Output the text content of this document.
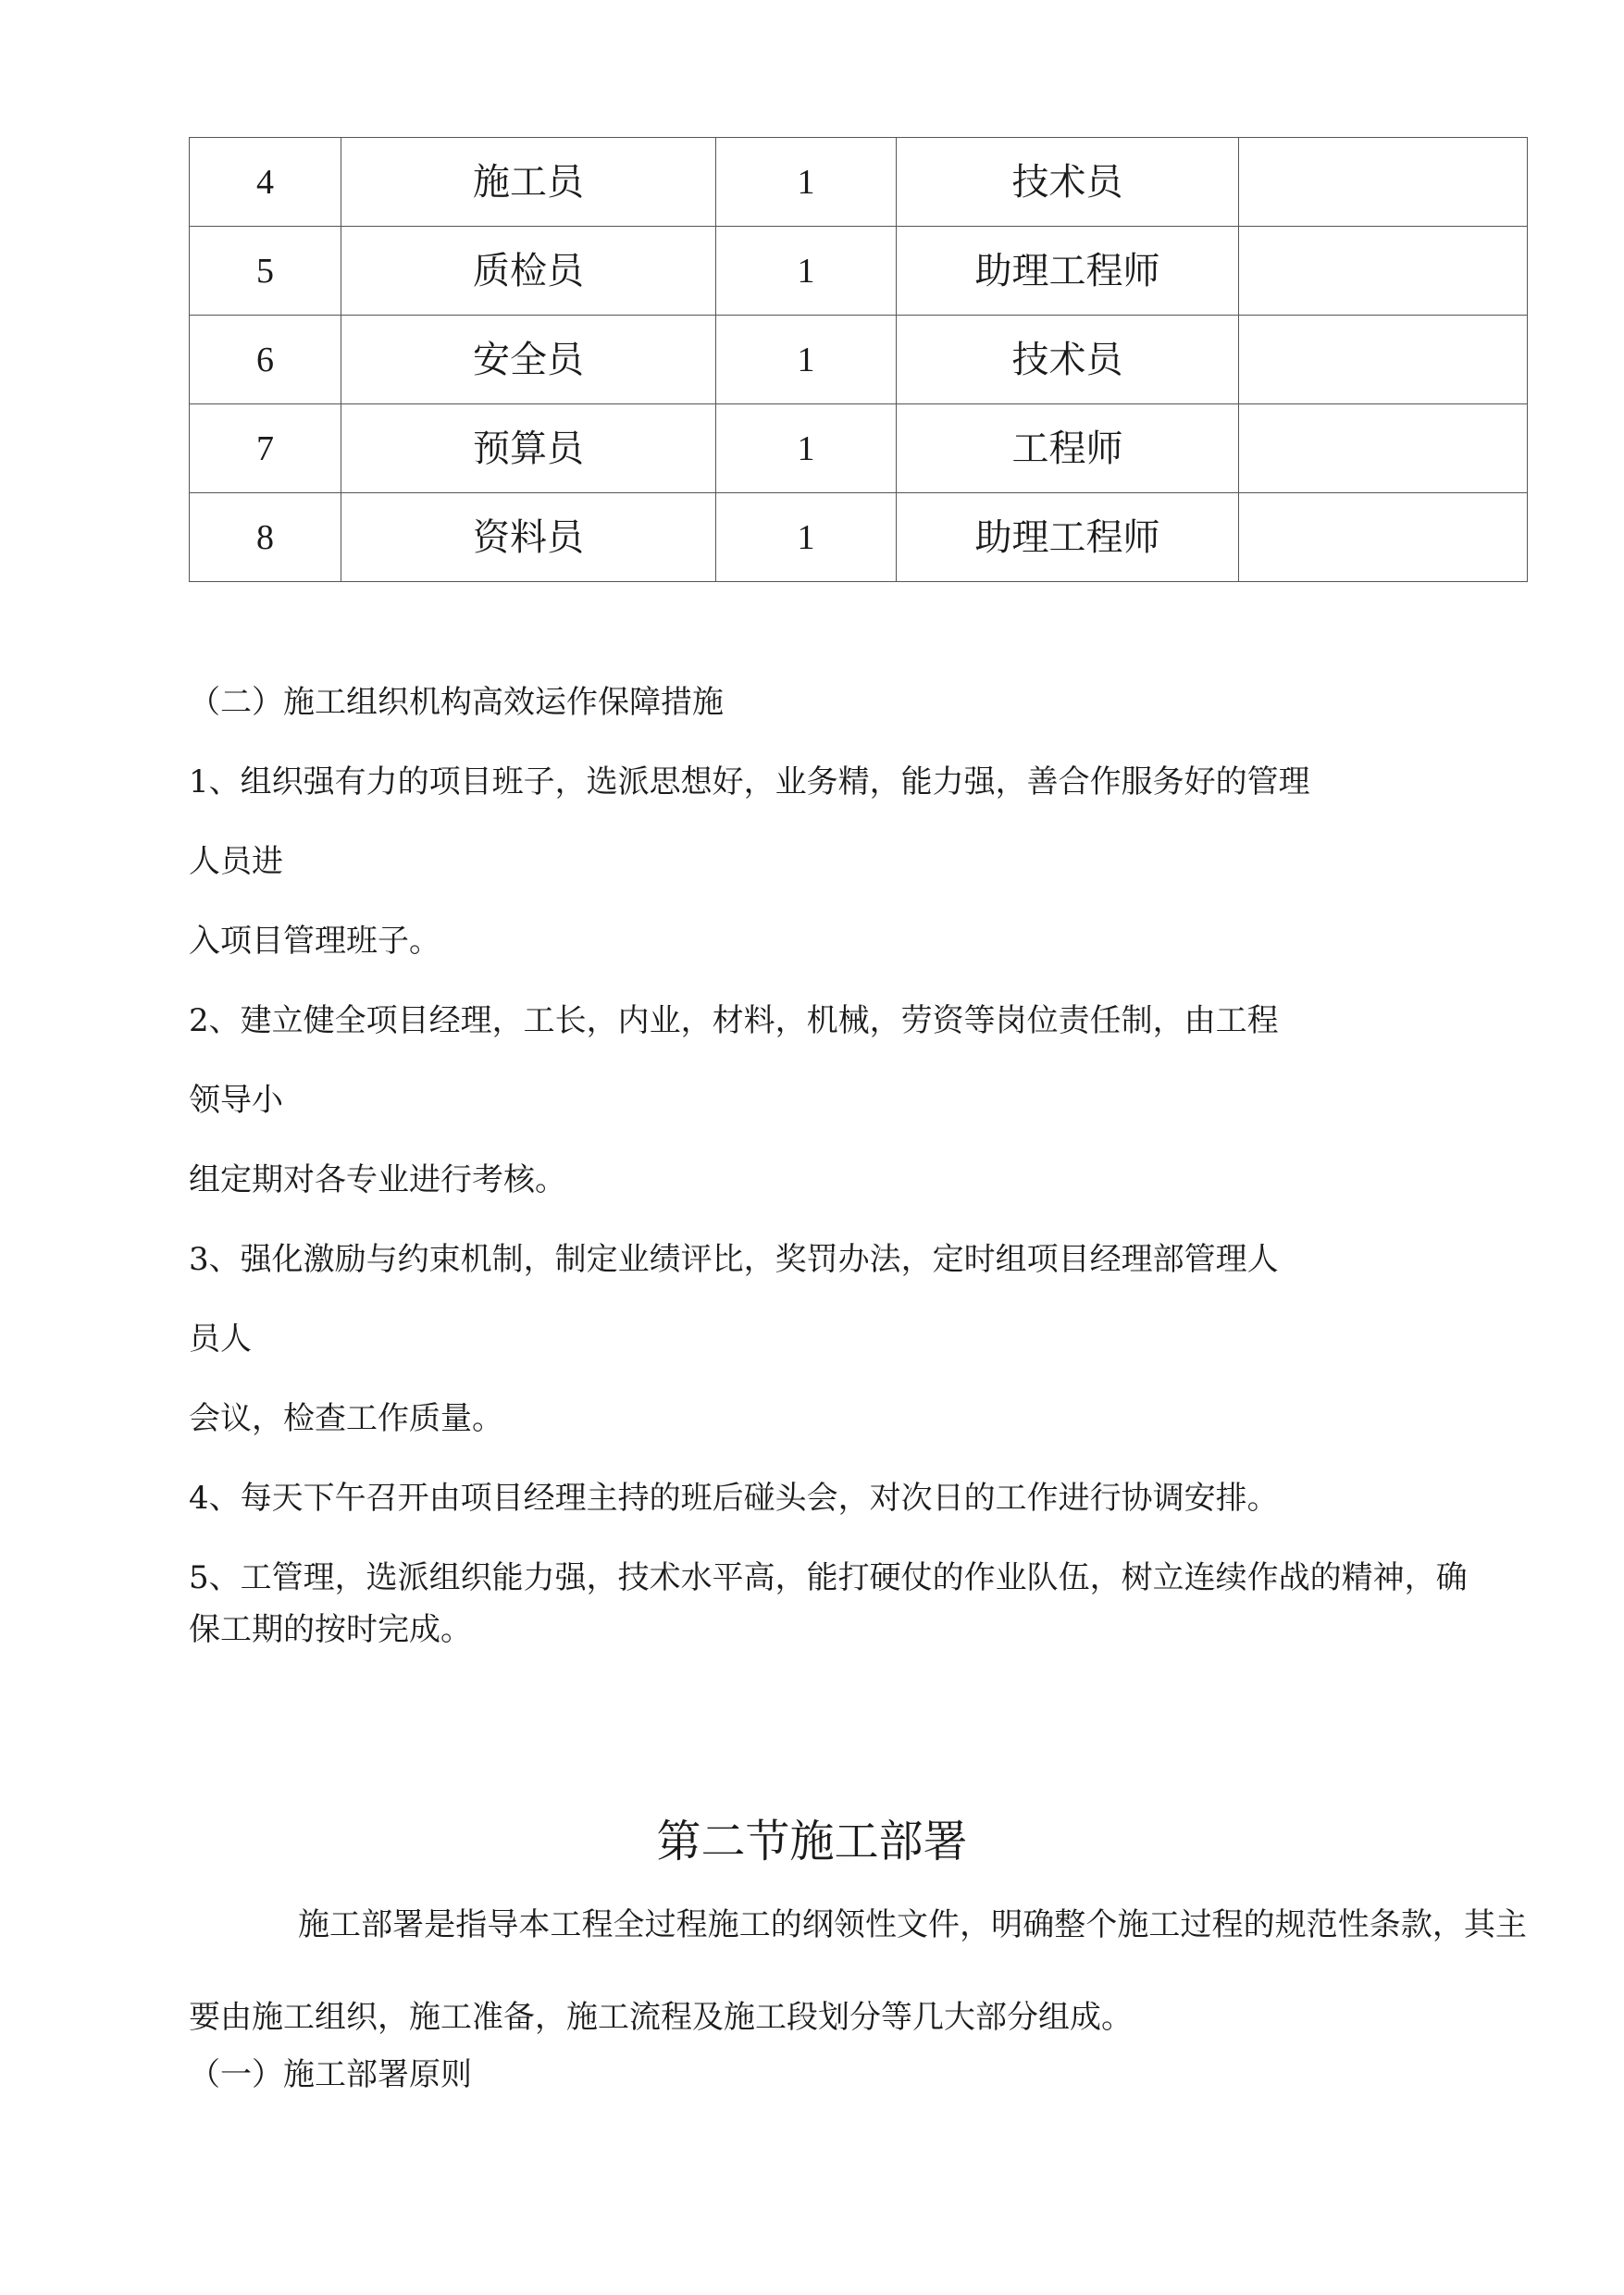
4	施工员	1	技术员	
5	质检员	1	助理工程师	
6	安全员	1	技术员	
7	预算员	1	工程师	
8	资料员	1	助理工程师	
（二）施工组织机构高效运作保障措施

1、组织强有力的项目班子，选派思想好，业务精，能力强，善合作服务好的管理

人员进

入项目管理班子。

2、建立健全项目经理，工长，内业，材料，机械，劳资等岗位责任制，由工程

领导小

组定期对各专业进行考核。

3、强化激励与约束机制，制定业绩评比，奖罚办法，定时组项目经理部管理人

员人

会议，检查工作质量。

4、每天下午召开由项目经理主持的班后碰头会，对次日的工作进行协调安排。

5、工管理，选派组织能力强，技术水平高，能打硬仗的作业队伍，树立连续作战的精神，确

保工期的按时完成。

第二节施工部署

施工部署是指导本工程全过程施工的纲领性文件，明确整个施工过程的规范性条款，其主要由施工组织，施工准备，施工流程及施工段划分等几大部分组成。

（一）施工部署原则
